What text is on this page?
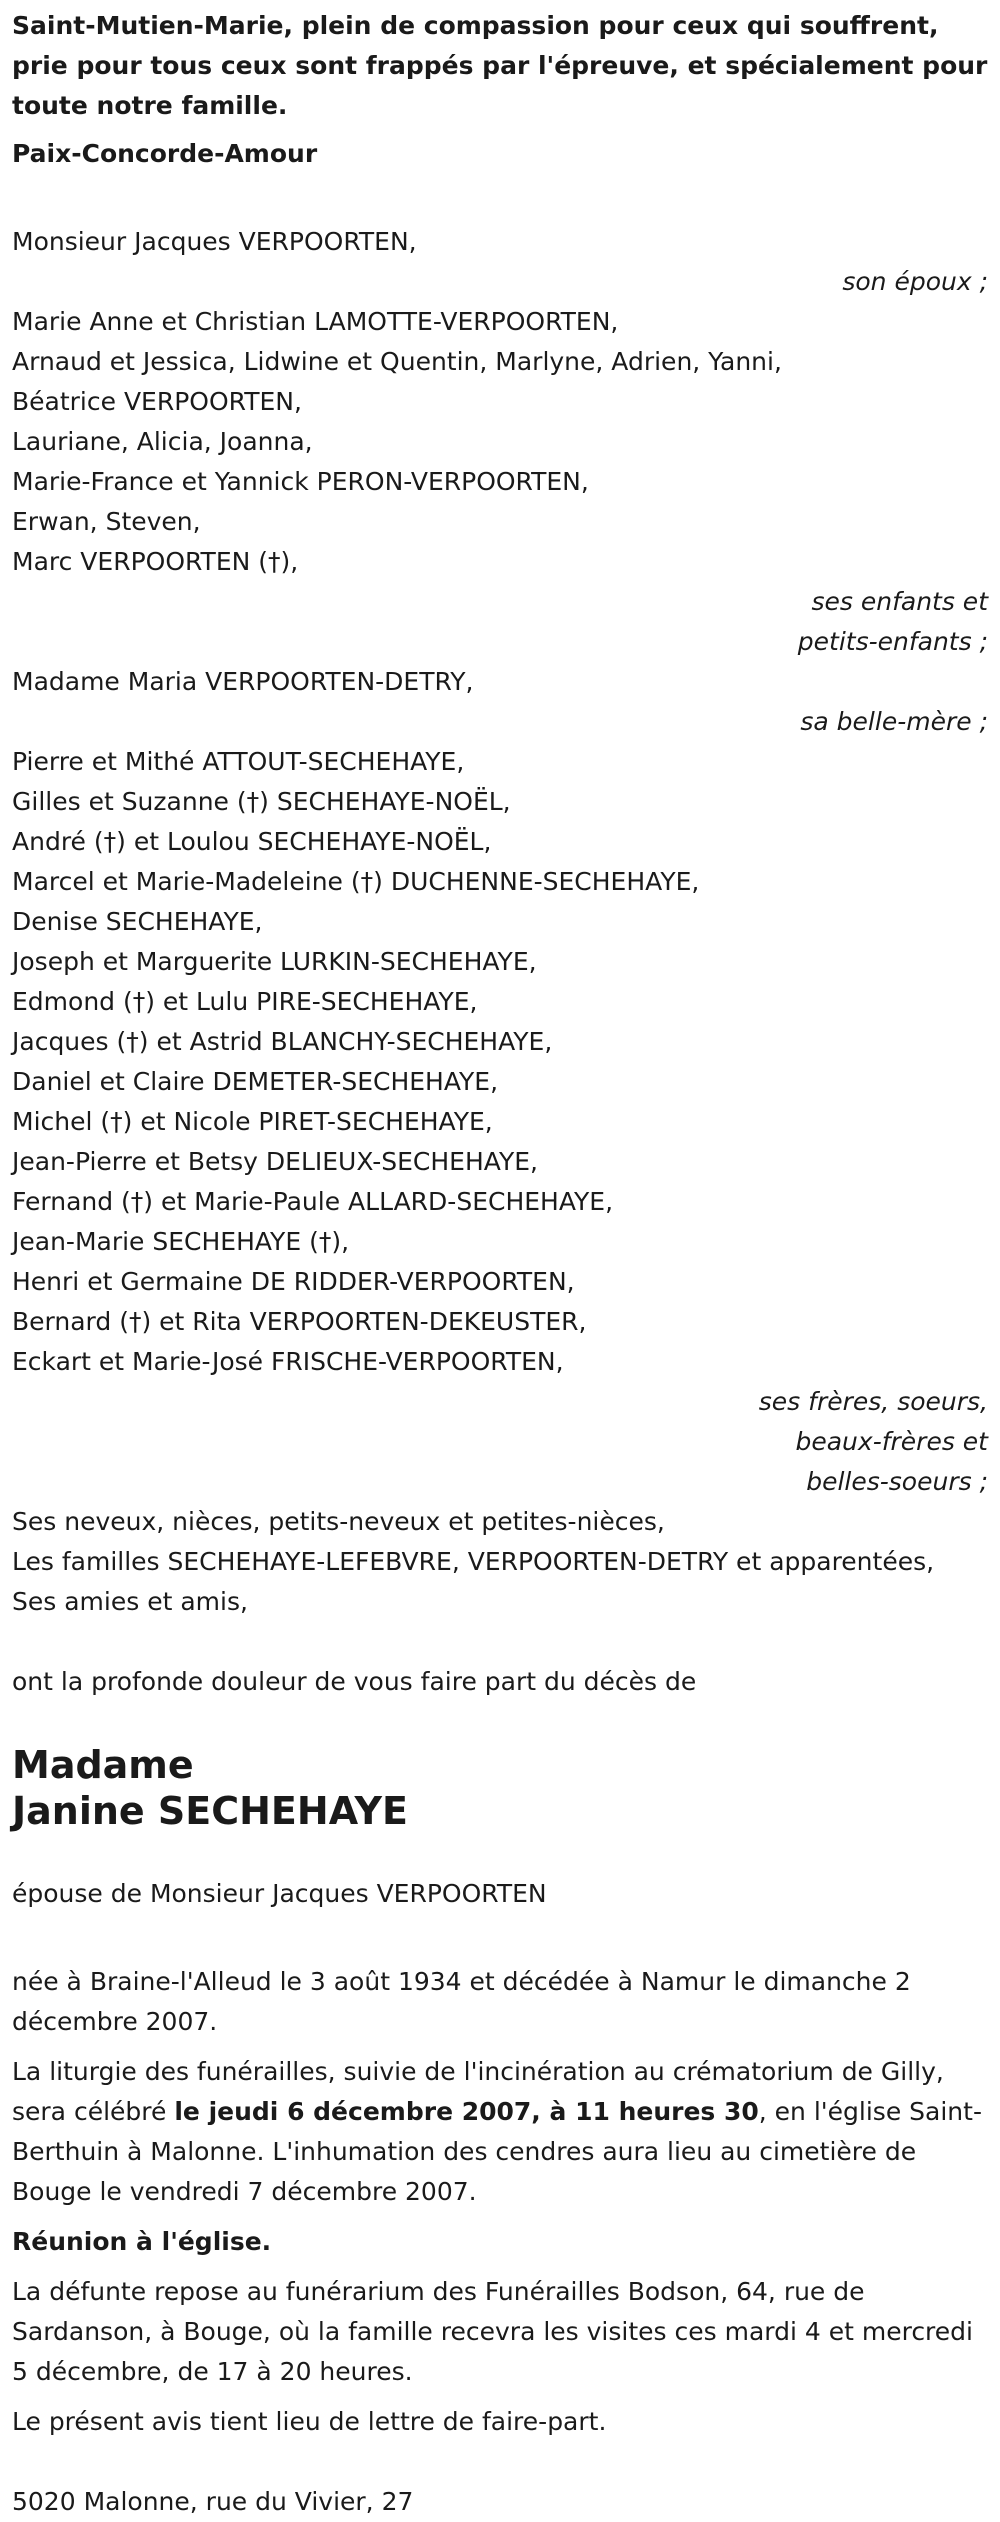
Saint-Mutien-Marie, plein de compassion pour ceux qui souffrent, prie pour tous ceux sont frappés par l'épreuve, et spécialement pour toute notre famille.
Paix-Concorde-Amour
Monsieur Jacques VERPOORTEN,
son époux ;
Marie Anne et Christian LAMOTTE-VERPOORTEN,
Arnaud et Jessica, Lidwine et Quentin, Marlyne, Adrien, Yanni,
Béatrice VERPOORTEN,
Lauriane, Alicia, Joanna,
Marie-France et Yannick PERON-VERPOORTEN,
Erwan, Steven,
Marc VERPOORTEN (†),
ses enfants et
petits-enfants ;
Madame Maria VERPOORTEN-DETRY,
sa belle-mère ;
Pierre et Mithé ATTOUT-SECHEHAYE,
Gilles et Suzanne (†) SECHEHAYE-NOËL,
André (†) et Loulou SECHEHAYE-NOËL,
Marcel et Marie-Madeleine (†) DUCHENNE-SECHEHAYE,
Denise SECHEHAYE,
Joseph et Marguerite LURKIN-SECHEHAYE,
Edmond (†) et Lulu PIRE-SECHEHAYE,
Jacques (†) et Astrid BLANCHY-SECHEHAYE,
Daniel et Claire DEMETER-SECHEHAYE,
Michel (†) et Nicole PIRET-SECHEHAYE,
Jean-Pierre et Betsy DELIEUX-SECHEHAYE,
Fernand (†) et Marie-Paule ALLARD-SECHEHAYE,
Jean-Marie SECHEHAYE (†),
Henri et Germaine DE RIDDER-VERPOORTEN,
Bernard (†) et Rita VERPOORTEN-DEKEUSTER,
Eckart et Marie-José FRISCHE-VERPOORTEN,
ses frères, soeurs,
beaux-frères et
belles-soeurs ;
Ses neveux, nièces, petits-neveux et petites-nièces,
Les familles SECHEHAYE-LEFEBVRE, VERPOORTEN-DETRY et apparentées,
Ses amies et amis,
ont la profonde douleur de vous faire part du décès de
Madame
Janine SECHEHAYE
épouse de Monsieur Jacques VERPOORTEN

née à Braine-l'Alleud le 3 août 1934 et décédée à Namur le dimanche 2 décembre 2007.

La liturgie des funérailles, suivie de l'incinération au crématorium de Gilly, sera célébré le jeudi 6 décembre 2007, à 11 heures 30, en l'église Saint-Berthuin à Malonne. L'inhumation des cendres aura lieu au cimetière de Bouge le vendredi 7 décembre 2007.

Réunion à l'église.

La défunte repose au funérarium des Funérailles Bodson, 64, rue de Sardanson, à Bouge, où la famille recevra les visites ces mardi 4 et mercredi 5 décembre, de 17 à 20 heures.

Le présent avis tient lieu de lettre de faire-part.

5020 Malonne, rue du Vivier, 27
